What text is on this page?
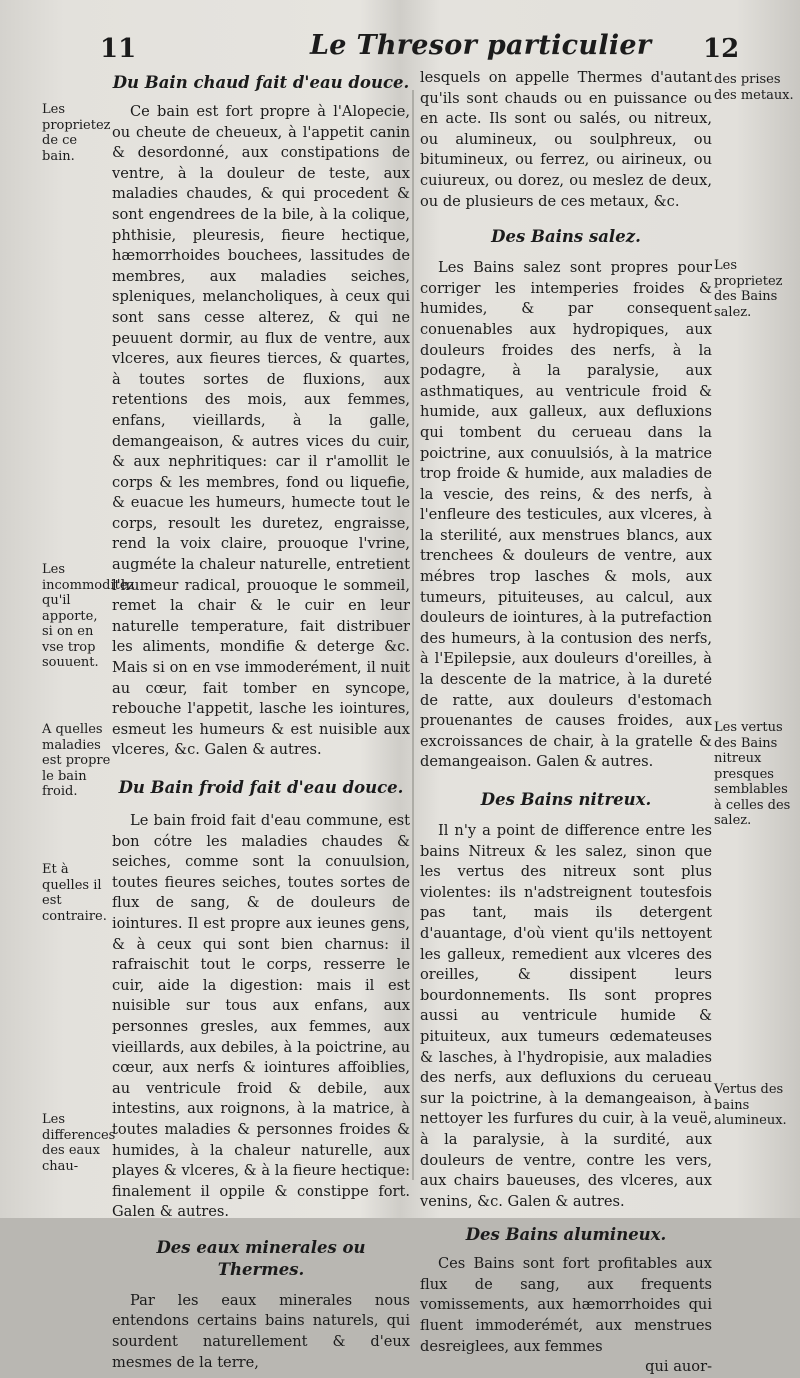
11	Le Thresor particulier	12

Du Bain chaud fait d'eau douce.

Ce bain est fort propre à l'Alopecie, ou cheute de cheueux, à l'appetit canin & desordonné, aux constipations de ventre, à la douleur de teste, aux maladies chaudes, & qui procedent & sont engendrees de la bile, à la colique, phthisie, pleuresis, fieure hectique, hæmorrhoides bouchees, lassitudes de membres, aux maladies seiches, spleniques, melancholiques, à ceux qui sont sans cesse alterez, & qui ne peuuent dormir, au flux de ventre, aux vlceres, aux fieures tierces, & quartes, à toutes sortes de fluxions, aux retentions des mois, aux femmes, enfans, vieillards, à la galle, demangeaison, & autres vices du cuir, & aux nephritiques: car il r'amollit le corps & les membres, fond ou liquefie, & euacue les humeurs, humecte tout le corps, resoult les duretez, engraisse, rend la voix claire, prouoque l'vrine, augméte la chaleur naturelle, entretient l'humeur radical, prouoque le sommeil, remet la chair & le cuir en leur naturelle temperature, fait distribuer les aliments, mondifie & deterge &c. Mais si on en vse immoderément, il nuit au cœur, fait tomber en syncope, rebouche l'appetit, lasche les iointures, esmeut les humeurs & est nuisible aux vlceres, &c. Galen & autres.

Du Bain froid fait d'eau douce.

Le bain froid fait d'eau commune, est bon cótre les maladies chaudes & seiches, comme sont la conuulsion, toutes fieures seiches, toutes sortes de flux de sang, & de douleurs de iointures. Il est propre aux ieunes gens, & à ceux qui sont bien charnus: il rafraischit tout le corps, resserre le cuir, aide la digestion: mais il est nuisible sur tous aux enfans, aux personnes gresles, aux femmes, aux vieillards, aux debiles, à la poictrine, au cœur, aux nerfs & iointures affoiblies, au ventricule froid & debile, aux intestins, aux roignons, à la matrice, à toutes maladies & personnes froides & humides, à la chaleur naturelle, aux playes & vlceres, & à la fieure hectique: finalement il oppile & constippe fort. Galen & autres.

Des eaux minerales ou Thermes.

Par les eaux minerales nous entendons certains bains naturels, qui sourdent naturellement & d'eux mesmes de la terre,

Les proprietez de ce bain.
Les incommoditez qu'il apporte, si on en vse trop souuent.
A quelles maladies est propre le bain froid.
Et à quelles il est contraire.
Les differences des eaux chau-

lesquels on appelle Thermes d'autant qu'ils sont chauds ou en puissance ou en acte. Ils sont ou salés, ou nitreux, ou alumineux, ou soulphreux, ou bitumineux, ou ferrez, ou airineux, ou cuiureux, ou dorez, ou meslez de deux, ou de plusieurs de ces metaux, &c.

Des Bains salez.

Les Bains salez sont propres pour corriger les intemperies froides & humides, & par consequent conuenables aux hydropiques, aux douleurs froides des nerfs, à la podagre, à la paralysie, aux asthmatiques, au ventricule froid & humide, aux galleux, aux defluxions qui tombent du cerueau dans la poictrine, aux conuulsiós, à la matrice trop froide & humide, aux maladies de la vescie, des reins, & des nerfs, à l'enfleure des testicules, aux vlceres, à la sterilité, aux menstrues blancs, aux trenchees & douleurs de ventre, aux mébres trop lasches & mols, aux tumeurs, pituiteuses, au calcul, aux douleurs de iointures, à la putrefaction des humeurs, à la contusion des nerfs, à l'Epilepsie, aux douleurs d'oreilles, à la descente de la matrice, à la dureté de ratte, aux douleurs d'estomach prouenantes de causes froides, aux excroissances de chair, à la gratelle & demangeaison. Galen & autres.

Des Bains nitreux.

Il n'y a point de difference entre les bains Nitreux & les salez, sinon que les vertus des nitreux sont plus violentes: ils n'adstreignent toutesfois pas tant, mais ils detergent d'auantage, d'où vient qu'ils nettoyent les galleux, remedient aux vlceres des oreilles, & dissipent leurs bourdonnements. Ils sont propres aussi au ventricule humide & pituiteux, aux tumeurs œdemateuses & lasches, à l'hydropisie, aux maladies des nerfs, aux defluxions du cerueau sur la poictrine, à la demangeaison, à nettoyer les furfures du cuir, à la veuë, à la paralysie, à la surdité, aux douleurs de ventre, contre les vers, aux chairs baueuses, des vlceres, aux venins, &c. Galen & autres.

Des Bains alumineux.

Ces Bains sont fort profitables aux flux de sang, aux frequents vomissements, aux hæmorrhoides qui fluent immoderémét, aux menstrues desreiglees, aux femmes

qui auor-

des prises des metaux.
Les proprietez des Bains salez.
Les vertus des Bains nitreux presques semblables à celles des salez.
Vertus des bains alumineux.
